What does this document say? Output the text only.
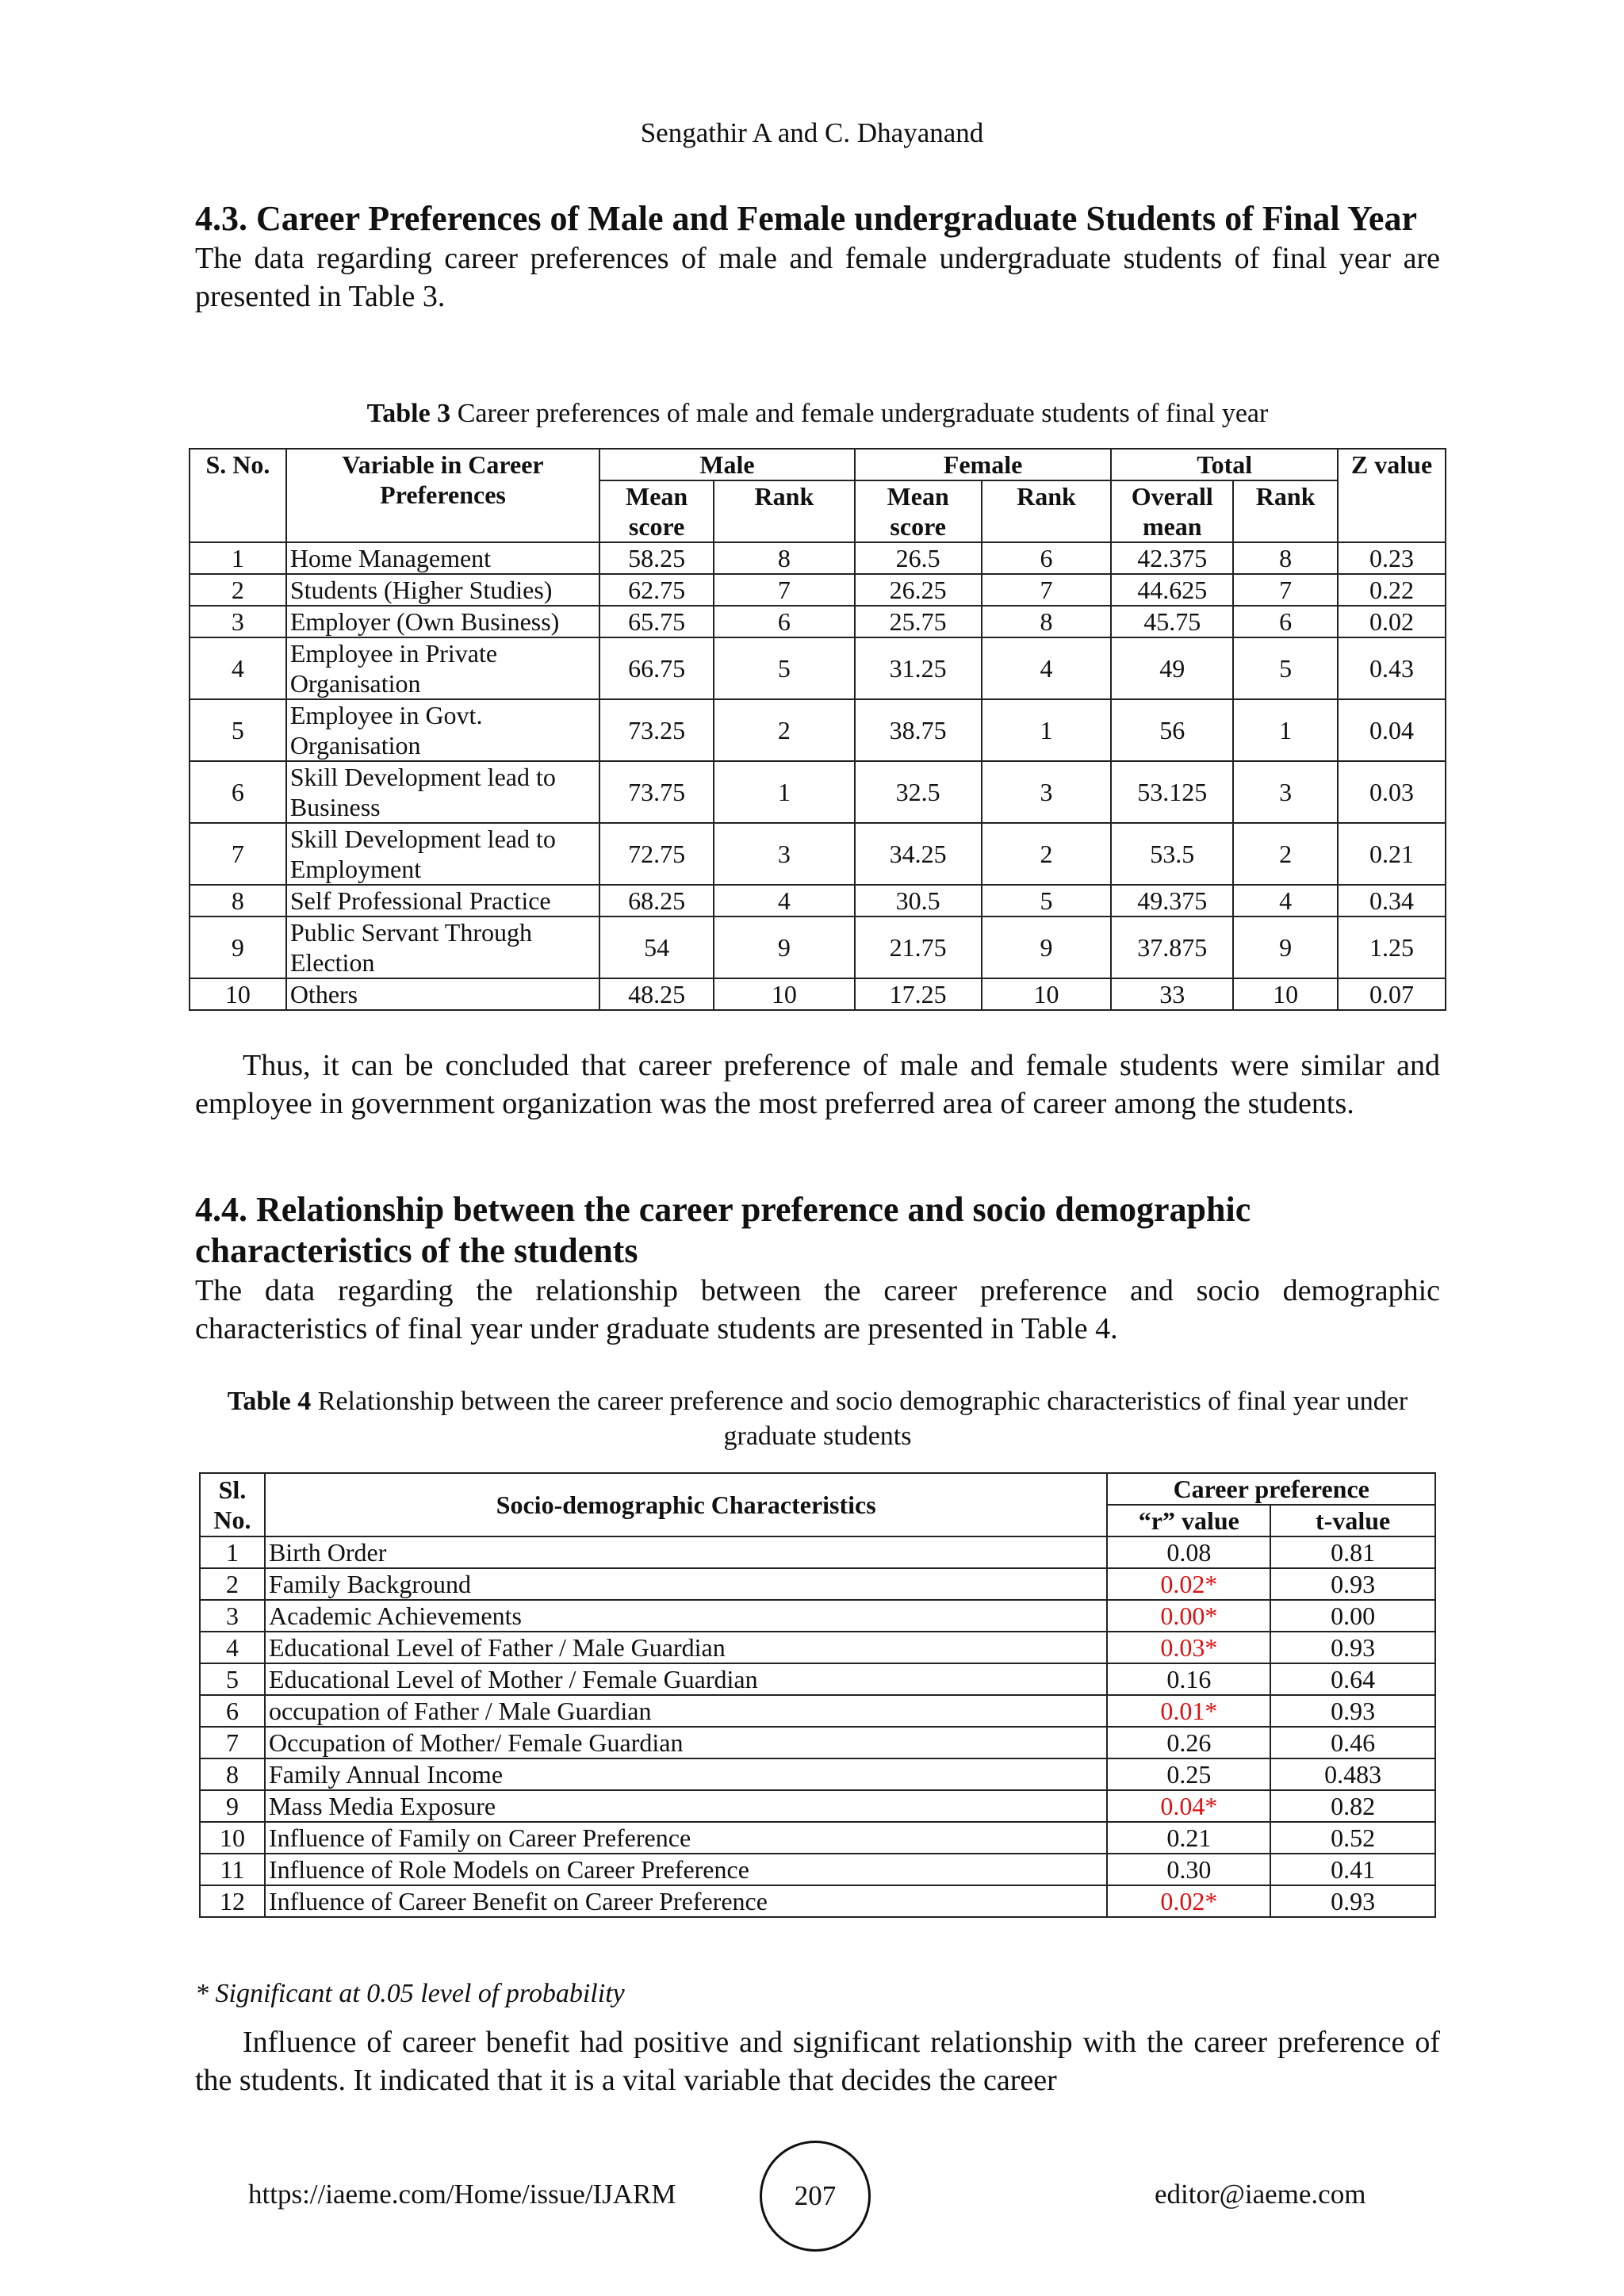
Sengathir A and C. Dhayanand
4.3. Career Preferences of Male and Female undergraduate Students of Final Year

The data regarding career preferences of male and female undergraduate students of final year are presented in Table 3.

Table 3 Career preferences of male and female undergraduate students of final year
S. No.	Variable in Career Preferences	Male		Female		Total		Z value
		Mean score	Rank	Mean score	Rank	Overall mean	Rank	
1	Home Management	58.25	8	26.5	6	42.375	8	0.23
2	Students (Higher Studies)	62.75	7	26.25	7	44.625	7	0.22
3	Employer (Own Business)	65.75	6	25.75	8	45.75	6	0.02
4	Employee in Private Organisation	66.75	5	31.25	4	49	5	0.43
5	Employee in Govt. Organisation	73.25	2	38.75	1	56	1	0.04
6	Skill Development lead to Business	73.75	1	32.5	3	53.125	3	0.03
7	Skill Development lead to Employment	72.75	3	34.25	2	53.5	2	0.21
8	Self Professional Practice	68.25	4	30.5	5	49.375	4	0.34
9	Public Servant Through Election	54	9	21.75	9	37.875	9	1.25
10	Others	48.25	10	17.25	10	33	10	0.07

Thus, it can be concluded that career preference of male and female students were similar and employee in government organization was the most preferred area of career among the students.

4.4. Relationship between the career preference and socio demographic characteristics of the students

The data regarding the relationship between the career preference and socio demographic characteristics of final year under graduate students are presented in Table 4.

Table 4 Relationship between the career preference and socio demographic characteristics of final year under graduate students
Sl. No.	Socio-demographic Characteristics	Career preference	
		“r” value	t-value
1	Birth Order	0.08	0.81
2	Family Background	0.02*	0.93
3	Academic Achievements	0.00*	0.00
4	Educational Level of Father / Male Guardian	0.03*	0.93
5	Educational Level of Mother / Female Guardian	0.16	0.64
6	occupation of Father / Male Guardian	0.01*	0.93
7	Occupation of Mother/ Female Guardian	0.26	0.46
8	Family Annual Income	0.25	0.483
9	Mass Media Exposure	0.04*	0.82
10	Influence of Family on Career Preference	0.21	0.52
11	Influence of Role Models on Career Preference	0.30	0.41
12	Influence of Career Benefit on Career Preference	0.02*	0.93
* Significant at 0.05 level of probability

Influence of career benefit had positive and significant relationship with the career preference of the students. It indicated that it is a vital variable that decides the career

https://iaeme.com/Home/issue/IJARM	207	editor@iaeme.com
